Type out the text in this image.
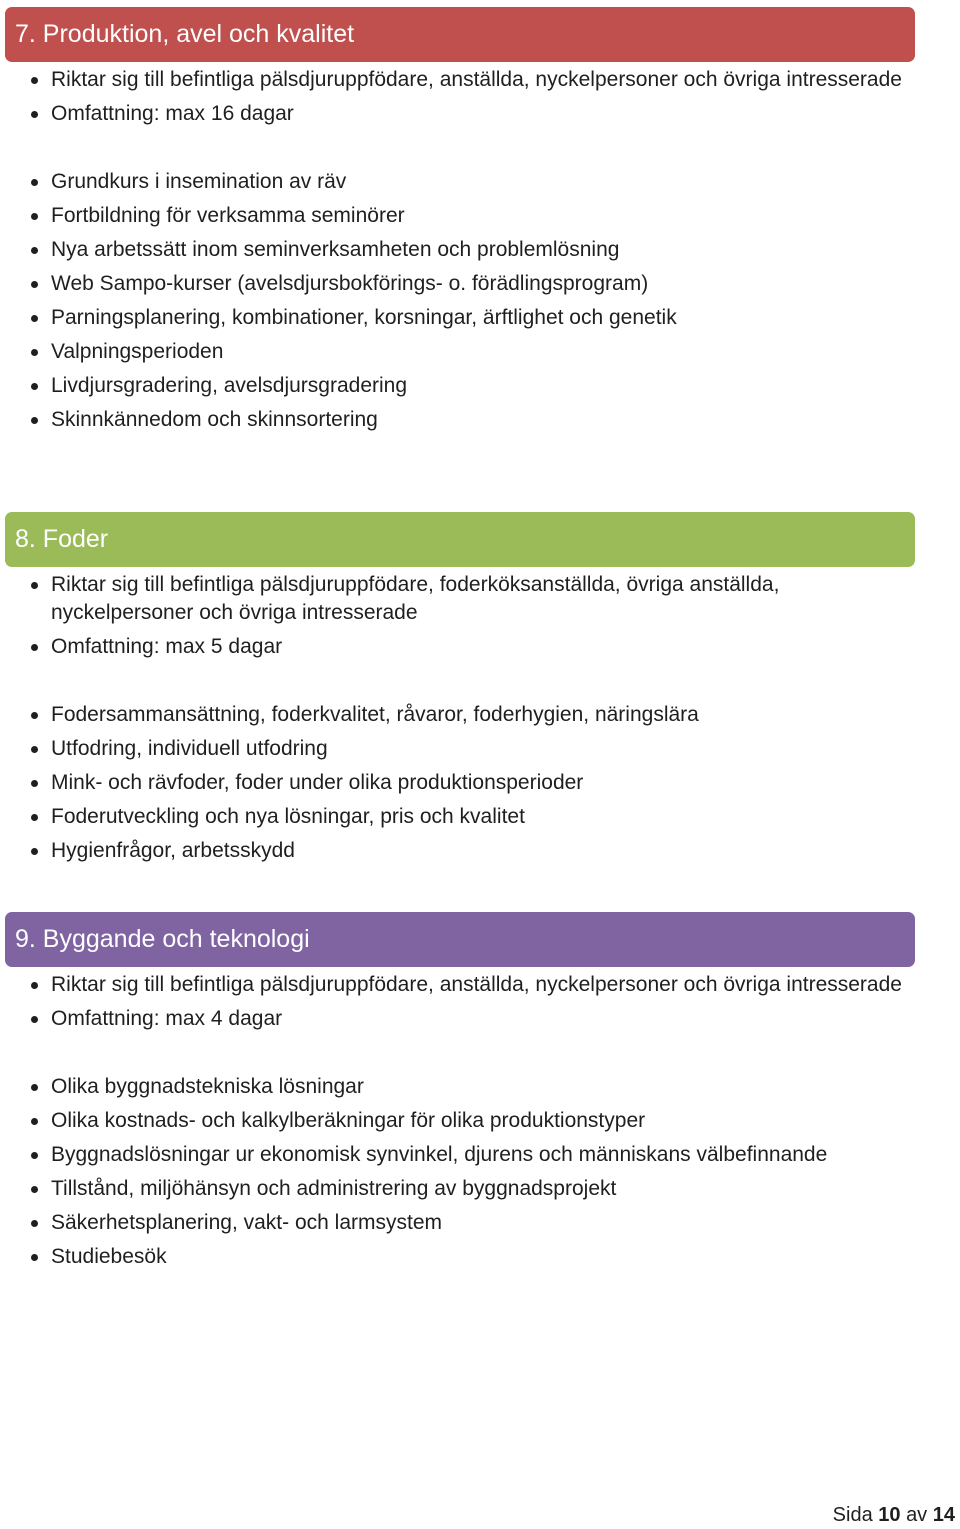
7. Produktion, avel och kvalitet
Riktar sig till befintliga pälsdjuruppfödare, anställda, nyckelpersoner och övriga intresserade
Omfattning: max 16 dagar
Grundkurs i insemination av räv
Fortbildning för verksamma seminörer
Nya arbetssätt inom seminverksamheten och problemlösning
Web Sampo-kurser (avelsdjursbokförings- o. förädlingsprogram)
Parningsplanering, kombinationer, korsningar, ärftlighet och genetik
Valpningsperioden
Livdjursgradering, avelsdjursgradering
Skinnkännedom och skinnsortering
8. Foder
Riktar sig till befintliga pälsdjuruppfödare, foderköksanställda, övriga anställda, nyckelpersoner och övriga intresserade
Omfattning: max 5 dagar
Fodersammansättning, foderkvalitet, råvaror, foderhygien, näringslära
Utfodring, individuell utfodring
Mink- och rävfoder, foder under olika produktionsperioder
Foderutveckling och nya lösningar, pris och kvalitet
Hygienfrågor, arbetsskydd
9. Byggande och teknologi
Riktar sig till befintliga pälsdjuruppfödare, anställda, nyckelpersoner och övriga intresserade
Omfattning: max 4 dagar
Olika byggnadstekniska lösningar
Olika kostnads- och kalkylberäkningar för olika produktionstyper
Byggnadslösningar ur ekonomisk synvinkel, djurens och människans välbefinnande
Tillstånd, miljöhänsyn och administrering av byggnadsprojekt
Säkerhetsplanering, vakt- och larmsystem
Studiebesök
Sida 10 av 14
